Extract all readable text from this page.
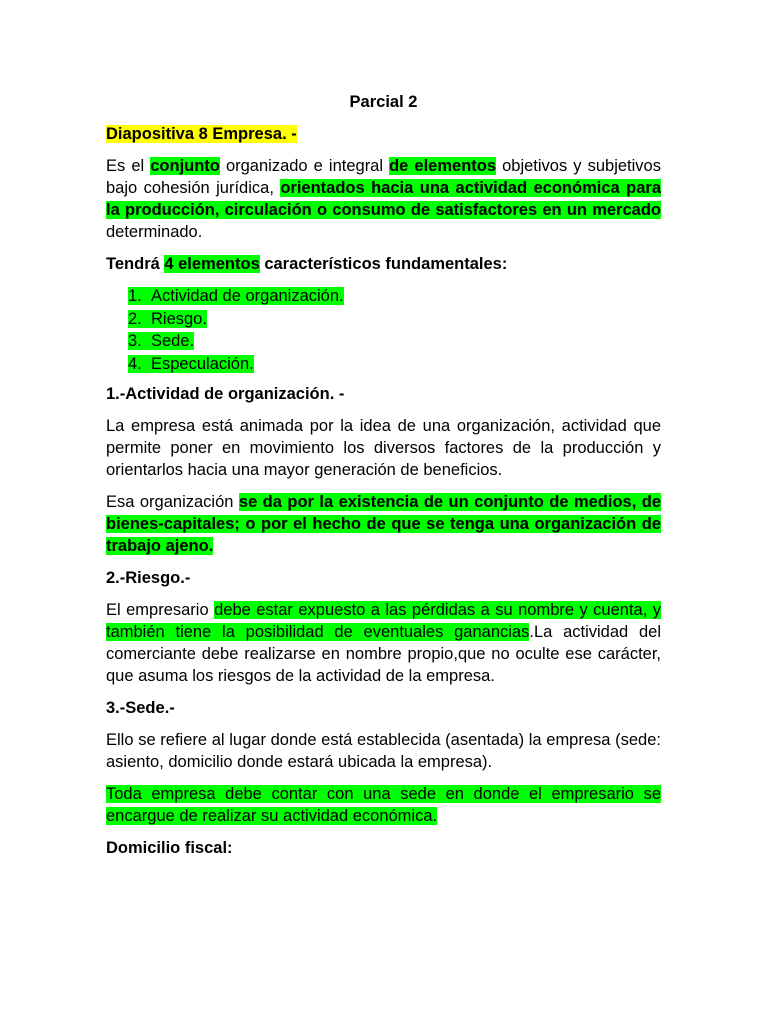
Parcial 2
Diapositiva 8 Empresa. -

Es el conjunto organizado e integral de elementos objetivos y subjetivos bajo cohesión jurídica, orientados hacia una actividad económica para la producción, circulación o consumo de satisfactores en un mercado determinado.

Tendrá 4 elementos característicos fundamentales:
1. Actividad de organización.
2. Riesgo.
3. Sede.
4. Especulación.
1.-Actividad de organización. -

La empresa está animada por la idea de una organización, actividad que permite poner en movimiento los diversos factores de la producción y orientarlos hacia una mayor generación de beneficios.

Esa organización se da por la existencia de un conjunto de medios, de bienes-capitales; o por el hecho de que se tenga una organización de trabajo ajeno.

2.-Riesgo.-

El empresario debe estar expuesto a las pérdidas a su nombre y cuenta, y también tiene la posibilidad de eventuales ganancias.La actividad del comerciante debe realizarse en nombre propio,que no oculte ese carácter, que asuma los riesgos de la actividad de la empresa.

3.-Sede.-

Ello se refiere al lugar donde está establecida (asentada) la empresa (sede: asiento, domicilio donde estará ubicada la empresa).

Toda empresa debe contar con una sede en donde el empresario se encargue de realizar su actividad económica.

Domicilio fiscal:
